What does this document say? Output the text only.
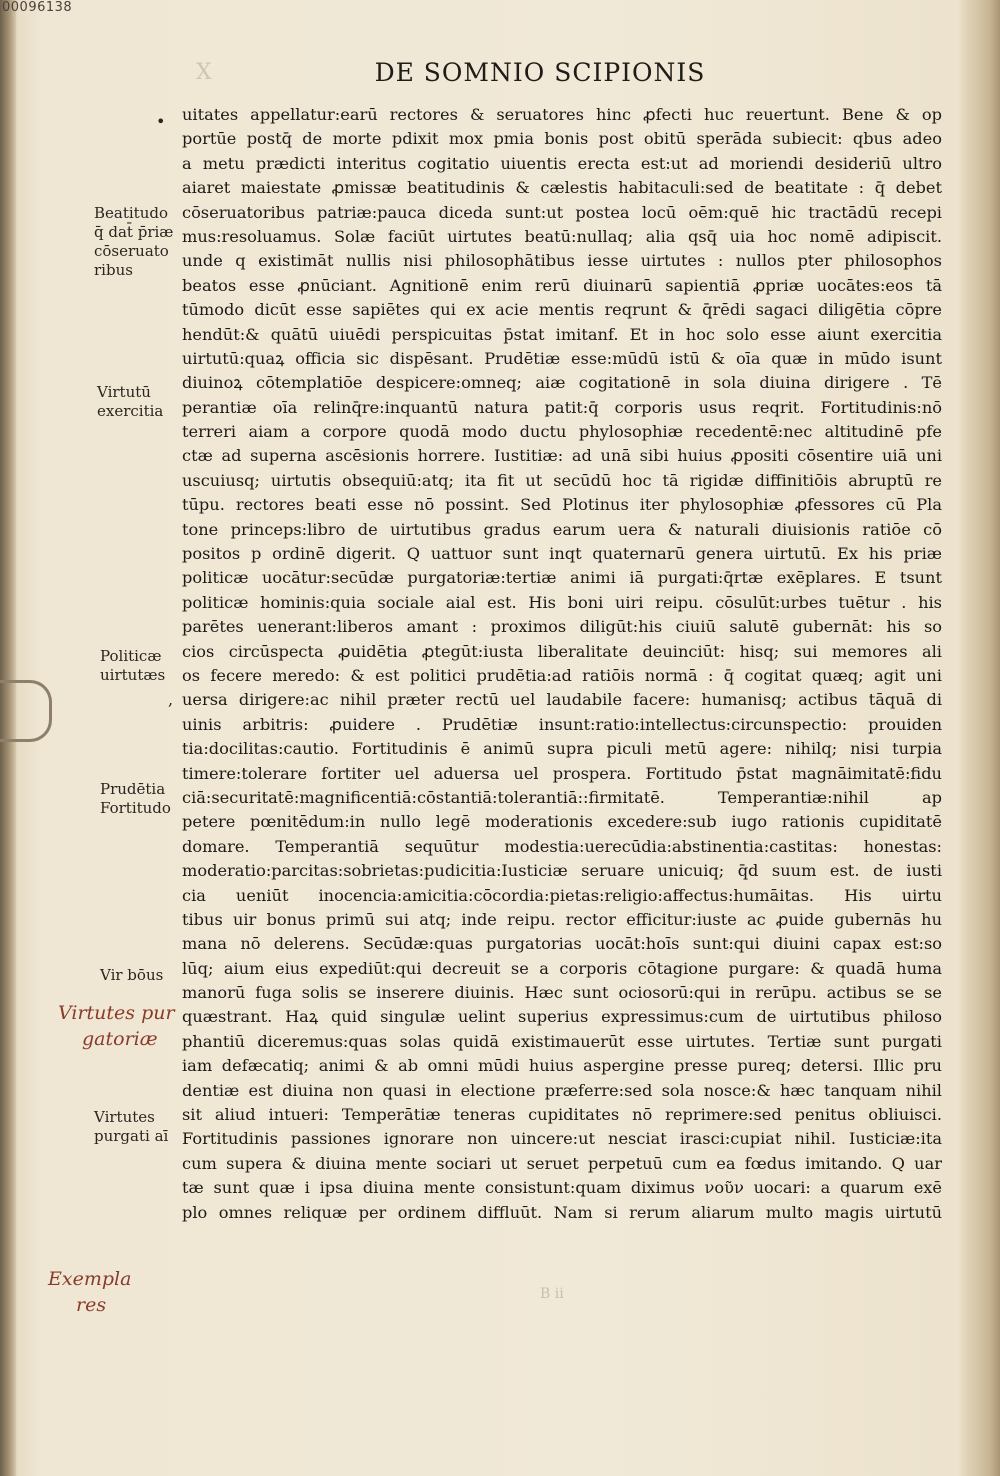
00096138
X	DE SOMNIO SCIPIONIS
•
,
uitates appellatur:earū rectores & seruatores hinc ꝓfecti huc reuertunt. Bene & op
portūe postq̄ de morte pdixit mox pmia bonis post obitū sperāda subiecit: qbus adeo
a metu prædicti interitus cogitatio uiuentis erecta est:ut ad moriendi desideriū ultro
aiaret maiestate ꝓmissæ beatitudinis & cælestis habitaculi:sed de beatitate : q̄ debet
cōseruatoribus patriæ:pauca diceda sunt:ut postea locū oēm:quē hic tractādū recepi
mus:resoluamus. Solæ faciūt uirtutes beatū:nullaq; alia qsq̄ uia hoc nomē adipiscit.
unde q existimāt nullis nisi philosophātibus iesse uirtutes : nullos pter philosophos
beatos esse ꝓnūciant. Agnitionē enim rerū diuinarū sapientiā ꝓpriæ uocātes:eos tā
tūmodo dicūt esse sapiētes qui ex acie mentis reqrunt & q̄rēdi sagaci diligētia cōpre
hendūt:& quātū uiuēdi perspicuitas p̄stat imitanf. Et in hoc solo esse aiunt exercitia
uirtutū:quaꝝ officia sic dispēsant. Prudētiæ esse:mūdū istū & oīa quæ in mūdo isunt
diuinoꝝ cōtemplatiōe despicere:omneq; aiæ cogitationē in sola diuina dirigere . Tē
perantiæ oīa relinq̄re:inquantū natura patit:q̄ corporis usus reqrit. Fortitudinis:nō
terreri aiam a corpore quodā modo ductu phylosophiæ recedentē:nec altitudinē pfe
ctæ ad superna ascēsionis horrere. Iustitiæ: ad unā sibi huius ꝓpositi cōsentire uiā uni
uscuiusq; uirtutis obsequiū:atq; ita fit ut secūdū hoc tā rigidæ diffinitiōis abruptū re
tūpu. rectores beati esse nō possint. Sed Plotinus iter phylosophiæ ꝓfessores cū Pla
tone princeps:libro de uirtutibus gradus earum uera & naturali diuisionis ratiōe cō
positos p ordinē digerit. Q uattuor sunt inqt quaternarū genera uirtutū. Ex his priæ
politicæ uocātur:secūdæ purgatoriæ:tertiæ animi iā purgati:q̄rtæ exēplares. E tsunt
politicæ hominis:quia sociale aial est. His boni uiri reipu. cōsulūt:urbes tuētur . his
parētes uenerant:liberos amant : proximos diligūt:his ciuiū salutē gubernāt: his so
cios circūspecta ꝓuidētia ꝓtegūt:iusta liberalitate deuinciūt: hisq; sui memores ali
os fecere meredo: & est politici prudētia:ad ratiōis normā : q̄ cogitat quæq; agit uni
uersa dirigere:ac nihil præter rectū uel laudabile facere: humanisq; actibus tāquā di
uinis arbitris: ꝓuidere . Prudētiæ insunt:ratio:intellectus:circunspectio: prouiden
tia:docilitas:cautio. Fortitudinis ē animū supra piculi metū agere: nihilq; nisi turpia
timere:tolerare fortiter uel aduersa uel prospera. Fortitudo p̄stat magnāimitatē:fidu
ciā:securitatē:magnificentiā:cōstantiā:tolerantiā::firmitatē. Temperantiæ:nihil ap
petere pœnitēdum:in nullo legē moderationis excedere:sub iugo rationis cupiditatē
domare. Temperantiā sequūtur modestia:uerecūdia:abstinentia:castitas: honestas:
moderatio:parcitas:sobrietas:pudicitia:Iusticiæ seruare unicuiq; q̄d suum est. de iusti
cia ueniūt inocencia:amicitia:cōcordia:pietas:religio:affectus:humāitas. His uirtu
tibus uir bonus primū sui atq; inde reipu. rector efficitur:iuste ac ꝓuide gubernās hu
mana nō delerens. Secūdæ:quas purgatorias uocāt:hoīs sunt:qui diuini capax est:so
lūq; aium eius expediūt:qui decreuit se a corporis cōtagione purgare: & quadā huma
manorū fuga solis se inserere diuinis. Hæc sunt ociosorū:qui in rerūpu. actibus se se
quæstrant. Haꝝ quid singulæ uelint superius expressimus:cum de uirtutibus philoso
phantiū diceremus:quas solas quidā existimauerūt esse uirtutes. Tertiæ sunt purgati
iam defæcatiq; animi & ab omni mūdi huius aspergine presse pureq; detersi. Illic pru
dentiæ est diuina non quasi in electione præferre:sed sola nosce:& hæc tanquam nihil
sit aliud intueri: Temperātiæ teneras cupiditates nō reprimere:sed penitus obliuisci.
Fortitudinis passiones ignorare non uincere:ut nesciat irasci:cupiat nihil. Iusticiæ:ita
cum supera & diuina mente sociari ut seruet perpetuū cum ea fœdus imitando. Q uar
tæ sunt quæ i ipsa diuina mente consistunt:quam diximus νοῦν uocari: a quarum exē
plo omnes reliquæ per ordinem diffluūt. Nam si rerum aliarum multo magis uirtutū
Beatitudo
q̄ dat̄ p̄riæ
cōseruato
ribus
Virtutū
exercitia
Politicæ
uirtutæs
Prudētia
Fortitudo
Vir bōus
Virtutes
purgati aī
Virtutes pur
gatoriæ
Exempla
res	B ii
